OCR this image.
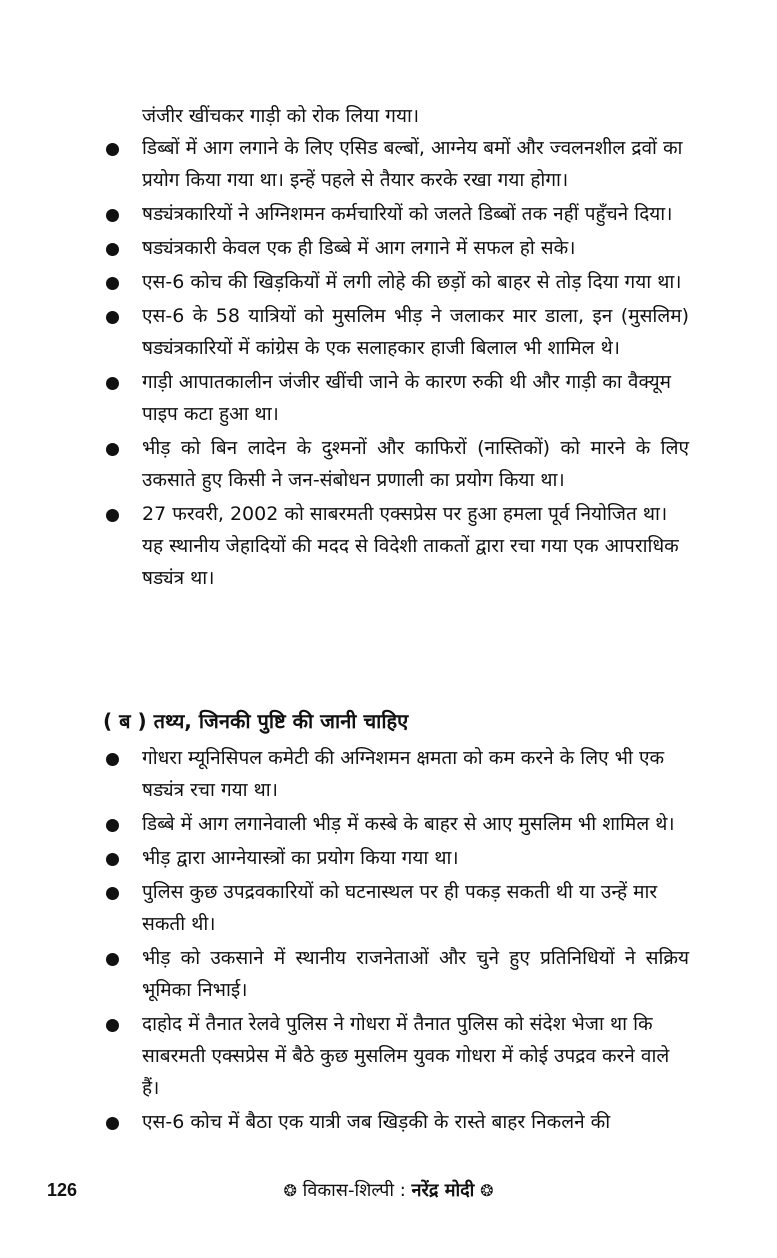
जंजीर खींचकर गाड़ी को रोक लिया गया।

डिब्बों में आग लगाने के लिए एसिड बल्बों, आग्नेय बमों और ज्वलनशील द्रवों का प्रयोग किया गया था। इन्हें पहले से तैयार करके रखा गया होगा।
षड्यंत्रकारियों ने अग्निशमन कर्मचारियों को जलते डिब्बों तक नहीं पहुँचने दिया।
षड्यंत्रकारी केवल एक ही डिब्बे में आग लगाने में सफल हो सके।
एस-6 कोच की खिड़कियों में लगी लोहे की छड़ों को बाहर से तोड़ दिया गया था।
एस-6 के 58 यात्रियों को मुसलिम भीड़ ने जलाकर मार डाला, इन (मुसलिम) षड्यंत्रकारियों में कांग्रेस के एक सलाहकार हाजी बिलाल भी शामिल थे।
गाड़ी आपातकालीन जंजीर खींची जाने के कारण रुकी थी और गाड़ी का वैक्यूम पाइप कटा हुआ था।
भीड़ को बिन लादेन के दुश्मनों और काफिरों (नास्तिकों) को मारने के लिए उकसाते हुए किसी ने जन-संबोधन प्रणाली का प्रयोग किया था।
27 फरवरी, 2002 को साबरमती एक्सप्रेस पर हुआ हमला पूर्व नियोजित था। यह स्थानीय जेहादियों की मदद से विदेशी ताकतों द्वारा रचा गया एक आपराधिक षड्यंत्र था।
( ब ) तथ्य, जिनकी पुष्टि की जानी चाहिए
गोधरा म्यूनिसिपल कमेटी की अग्निशमन क्षमता को कम करने के लिए भी एक षड्यंत्र रचा गया था।
डिब्बे में आग लगानेवाली भीड़ में कस्बे के बाहर से आए मुसलिम भी शामिल थे।
भीड़ द्वारा आग्नेयास्त्रों का प्रयोग किया गया था।
पुलिस कुछ उपद्रवकारियों को घटनास्थल पर ही पकड़ सकती थी या उन्हें मार सकती थी।
भीड़ को उकसाने में स्थानीय राजनेताओं और चुने हुए प्रतिनिधियों ने सक्रिय भूमिका निभाई।
दाहोद में तैनात रेलवे पुलिस ने गोधरा में तैनात पुलिस को संदेश भेजा था कि साबरमती एक्सप्रेस में बैठे कुछ मुसलिम युवक गोधरा में कोई उपद्रव करने वाले हैं।
एस-6 कोच में बैठा एक यात्री जब खिड़की के रास्ते बाहर निकलने की
126	❂ विकास-शिल्पी : नरेंद्र मोदी ❂
